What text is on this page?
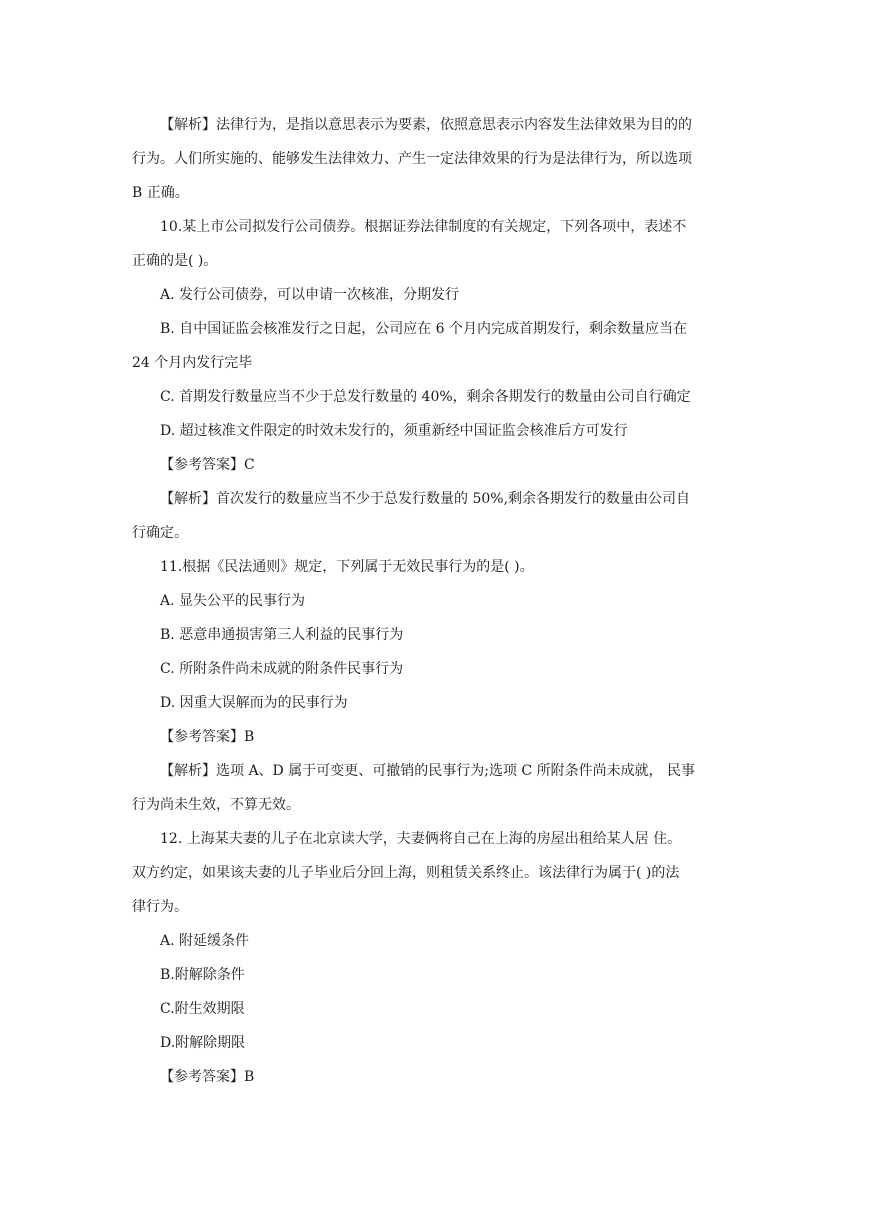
【解析】法律行为，是指以意思表示为要素，依照意思表示内容发生法律效果为目的的
行为。人们所实施的、能够发生法律效力、产生一定法律效果的行为是法律行为，所以选项
B 正确。
10.某上市公司拟发行公司债券。根据证券法律制度的有关规定，下列各项中，表述不
正确的是( )。
A. 发行公司债券，可以申请一次核准，分期发行
B. 自中国证监会核准发行之日起，公司应在 6 个月内完成首期发行，剩余数量应当在
24 个月内发行完毕
C. 首期发行数量应当不少于总发行数量的 40%，剩余各期发行的数量由公司自行确定
D. 超过核准文件限定的时效未发行的，须重新经中国证监会核准后方可发行
【参考答案】C
【解析】首次发行的数量应当不少于总发行数量的 50%,剩余各期发行的数量由公司自
行确定。
11.根据《民法通则》规定，下列属于无效民事行为的是( )。
A. 显失公平的民事行为
B. 恶意串通损害第三人利益的民事行为
C. 所附条件尚未成就的附条件民事行为
D. 因重大误解而为的民事行为
【参考答案】B
【解析】选项 A、D 属于可变更、可撤销的民事行为;选项 C 所附条件尚未成就， 民事
行为尚未生效，不算无效。
12. 上海某夫妻的儿子在北京读大学，夫妻俩将自己在上海的房屋出租给某人居 住。
双方约定，如果该夫妻的儿子毕业后分回上海，则租赁关系终止。该法律行为属于( )的法
律行为。
A. 附延缓条件
B.附解除条件
C.附生效期限
D.附解除期限
【参考答案】B
